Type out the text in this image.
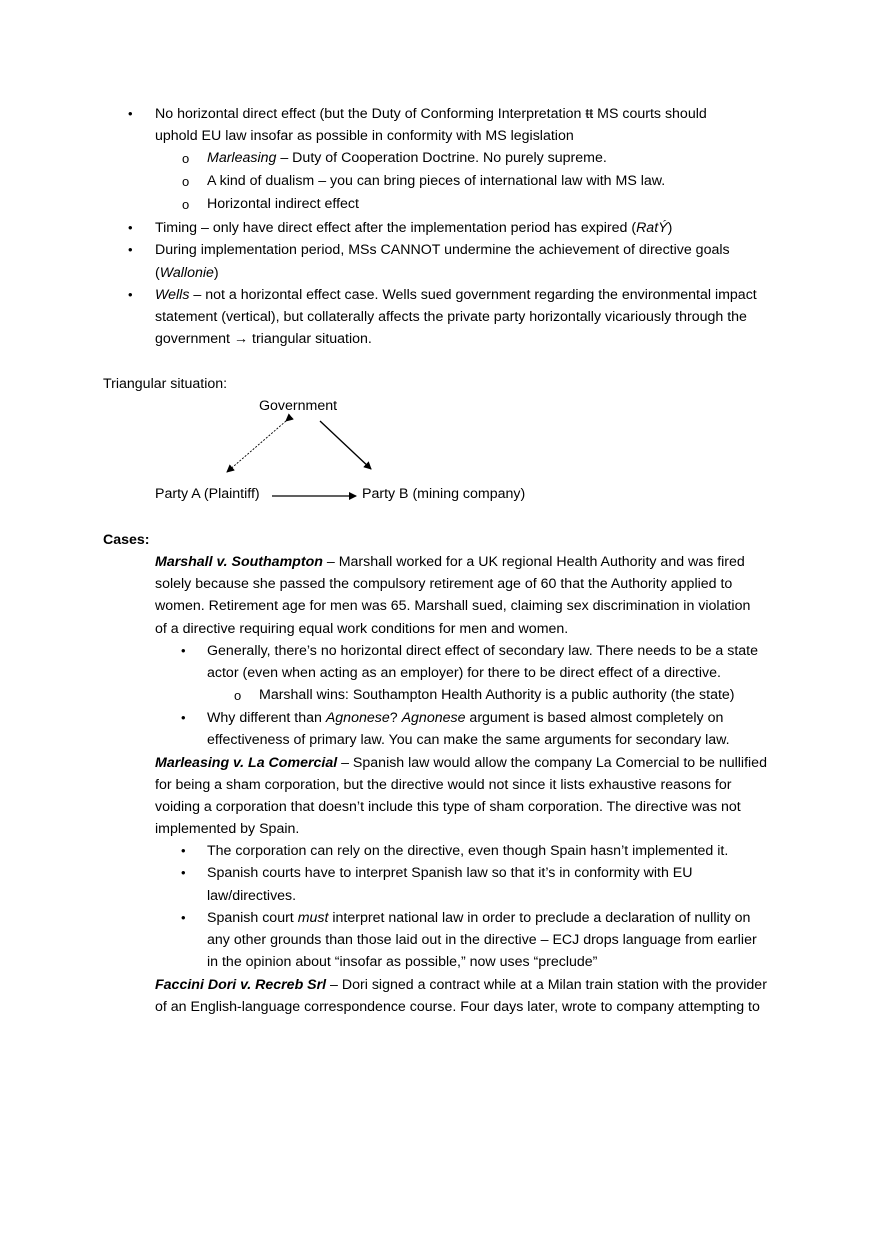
• No horizontal direct effect (but the Duty of Conforming Interpretation ŧŧ MS courts should
uphold EU law insofar as possible in conformity with MS legislation
o Marleasing – Duty of Cooperation Doctrine. No purely supreme.
o A kind of dualism – you can bring pieces of international law with MS law.
o Horizontal indirect effect
• Timing – only have direct effect after the implementation period has expired (RatÝ)
• During implementation period, MSs CANNOT undermine the achievement of directive goals
(Wallonie)
• Wells – not a horizontal effect case. Wells sued government regarding the environmental impact
statement (vertical), but collaterally affects the private party horizontally vicariously through the
government → triangular situation.
Triangular situation:
Government
Party A (Plaintiff)	Party B (mining company)
Cases:
Marshall v. Southampton – Marshall worked for a UK regional Health Authority and was fired
solely because she passed the compulsory retirement age of 60 that the Authority applied to
women. Retirement age for men was 65. Marshall sued, claiming sex discrimination in violation
of a directive requiring equal work conditions for men and women.
• Generally, there’s no horizontal direct effect of secondary law. There needs to be a state
actor (even when acting as an employer) for there to be direct effect of a directive.
o Marshall wins: Southampton Health Authority is a public authority (the state)
• Why different than Agnonese? Agnonese argument is based almost completely on
effectiveness of primary law. You can make the same arguments for secondary law.
Marleasing v. La Comercial – Spanish law would allow the company La Comercial to be nullified
for being a sham corporation, but the directive would not since it lists exhaustive reasons for
voiding a corporation that doesn’t include this type of sham corporation. The directive was not
implemented by Spain.
• The corporation can rely on the directive, even though Spain hasn’t implemented it.
• Spanish courts have to interpret Spanish law so that it’s in conformity with EU
law/directives.
• Spanish court must interpret national law in order to preclude a declaration of nullity on
any other grounds than those laid out in the directive – ECJ drops language from earlier
in the opinion about “insofar as possible,” now uses “preclude”
Faccini Dori v. Recreb Srl – Dori signed a contract while at a Milan train station with the provider
of an English-language correspondence course. Four days later, wrote to company attempting to
